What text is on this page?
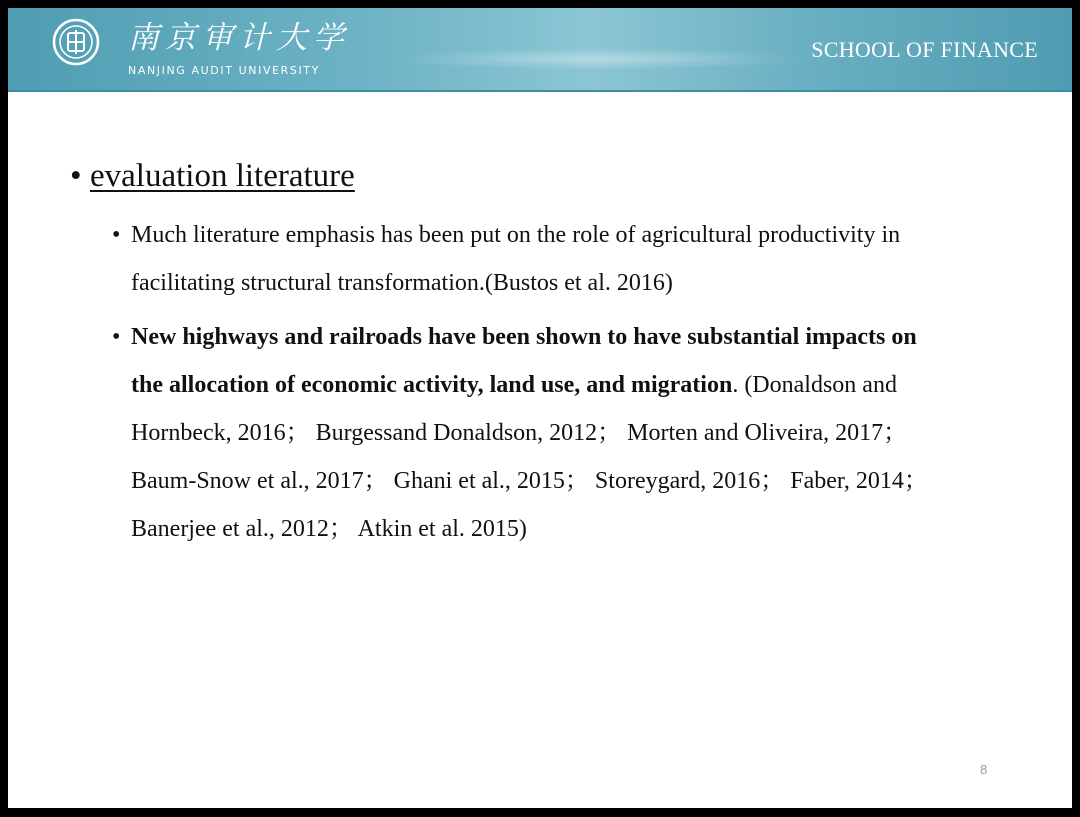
南京审计大学
NANJING AUDIT UNIVERSITY
SCHOOL OF FINANCE
• evaluation literature
• Much literature emphasis has been put on the role of agricultural productivity in
facilitating structural transformation.(Bustos et al. 2016)
• New highways and railroads have been shown to have substantial impacts on
the allocation of economic activity, land use, and migration. (Donaldson and
Hornbeck, 2016； Burgessand Donaldson, 2012； Morten and Oliveira, 2017；
Baum-Snow et al., 2017； Ghani et al., 2015； Storeygard, 2016； Faber, 2014；
Banerjee et al., 2012； Atkin et al. 2015)
8
